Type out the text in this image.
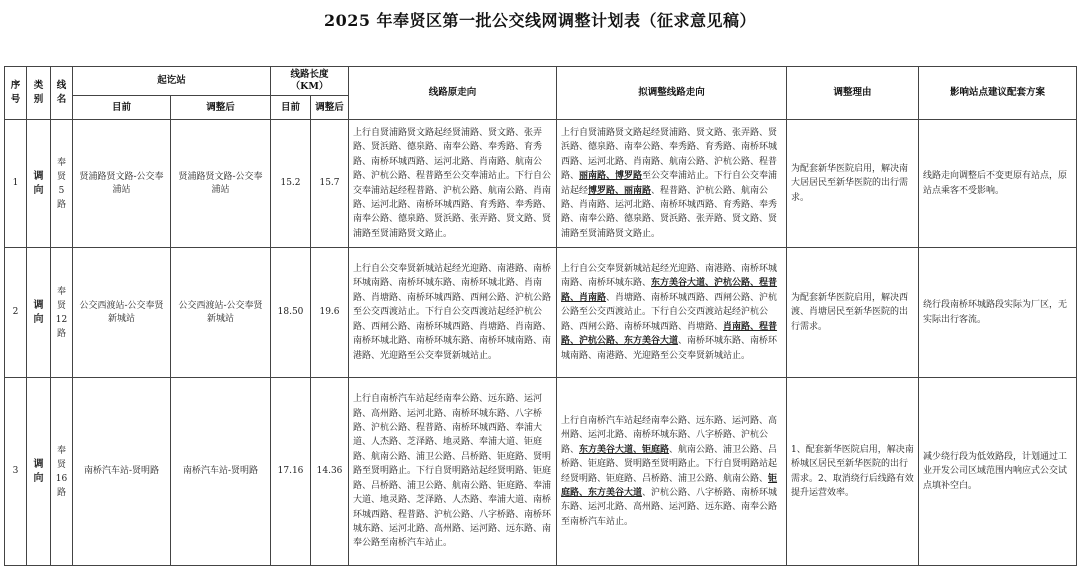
2025 年奉贤区第一批公交线网调整计划表（征求意见稿）
序号	类别	线名	起讫站		线路长度（KM）		线路原走向	拟调整线路走向	调整理由	影响站点建议配套方案
			目前	调整后	目前	调整后				
1	调向	奉贤5路	贤浦路贤文路-公交奉浦站	贤浦路贤文路-公交奉浦站	15.2	15.7	上行自贤浦路贤文路起经贤浦路、贤文路、张弄路、贤浜路、德泉路、南奉公路、奉秀路、育秀路、南桥环城西路、运河北路、肖南路、航南公路、沪杭公路、程普路至公交奉浦站止。下行自公交奉浦站起经程普路、沪杭公路、航南公路、肖南路、运河北路、南桥环城西路、育秀路、奉秀路、南奉公路、德泉路、贤浜路、张弄路、贤文路、贤浦路至贤浦路贤文路止。	上行自贤浦路贤文路起经贤浦路、贤文路、张弄路、贤浜路、德泉路、南奉公路、奉秀路、育秀路、南桥环城西路、运河北路、肖南路、航南公路、沪杭公路、程普路、丽南路、博罗路至公交奉浦站止。下行自公交奉浦站起经博罗路、丽南路、程普路、沪杭公路、航南公路、肖南路、运河北路、南桥环城西路、育秀路、奉秀路、南奉公路、德泉路、贤浜路、张弄路、贤文路、贤浦路至贤浦路贤文路止。	为配套新华医院启用，解决南大居居民至新华医院的出行需求。	线路走向调整后不变更原有站点，原站点乘客不受影响。
2	调向	奉贤12路	公交西渡站-公交奉贤新城站	公交西渡站-公交奉贤新城站	18.50	19.6	上行自公交奉贤新城站起经光迎路、南港路、南桥环城南路、南桥环城东路、南桥环城北路、肖南路、肖塘路、南桥环城西路、西闸公路、沪杭公路至公交西渡站止。下行自公交西渡站起经沪杭公路、西闸公路、南桥环城西路、肖塘路、肖南路、南桥环城北路、南桥环城东路、南桥环城南路、南港路、光迎路至公交奉贤新城站止。	上行自公交奉贤新城站起经光迎路、南港路、南桥环城南路、南桥环城东路、东方美谷大道、沪杭公路、程普路、肖南路、肖塘路、南桥环城西路、西闸公路、沪杭公路至公交西渡站止。下行自公交西渡站起经沪杭公路、西闸公路、南桥环城西路、肖塘路、肖南路、程普路、沪杭公路、东方美谷大道、南桥环城东路、南桥环城南路、南港路、光迎路至公交奉贤新城站止。	为配套新华医院启用，解决西渡、肖塘居民至新华医院的出行需求。	绕行段南桥环城路段实际为厂区，无实际出行客流。
3	调向	奉贤16路	南桥汽车站-贤明路	南桥汽车站-贤明路	17.16	14.36	上行自南桥汽车站起经南奉公路、远东路、运河路、高州路、运河北路、南桥环城东路、八字桥路、沪杭公路、程普路、南桥环城西路、奉浦大道、人杰路、芝泽路、地灵路、奉浦大道、钜庭路、航南公路、浦卫公路、吕桥路、钜庭路、贤明路至贤明路止。下行自贤明路站起经贤明路、钜庭路、吕桥路、浦卫公路、航南公路、钜庭路、奉浦大道、地灵路、芝泽路、人杰路、奉浦大道、南桥环城西路、程普路、沪杭公路、八字桥路、南桥环城东路、运河北路、高州路、运河路、远东路、南奉公路至南桥汽车站止。	上行自南桥汽车站起经南奉公路、远东路、运河路、高州路、运河北路、南桥环城东路、八字桥路、沪杭公路、东方美谷大道、钜庭路、航南公路、浦卫公路、吕桥路、钜庭路、贤明路至贤明路止。下行自贤明路站起经贤明路、钜庭路、吕桥路、浦卫公路、航南公路、钜庭路、东方美谷大道、沪杭公路、八字桥路、南桥环城东路、运河北路、高州路、运河路、远东路、南奉公路至南桥汽车站止。	1、配套新华医院启用，解决南桥城区居民至新华医院的出行需求。2、取消绕行后线路有效提升运营效率。	减少绕行段为低效路段，计划通过工业开发公司区域范围内响应式公交试点填补空白。
